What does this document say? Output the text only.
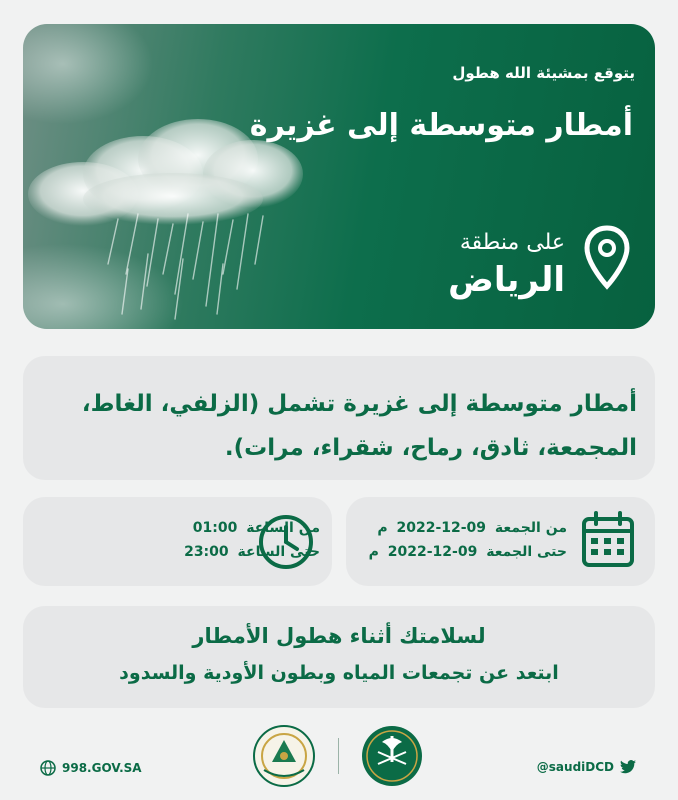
يتوقع بمشيئة الله هطول
أمطار متوسطة إلى غزيرة
على منطقة
الرياض
أمطار متوسطة إلى غزيرة تشمل (الزلفي، الغاط، المجمعة، ثادق، رماح، شقراء، مرات).
من الجمعة 2022-12-09 م
حتى الجمعة 2022-12-09 م
من الساعة 01:00
حتى الساعة 23:00
لسلامتك أثناء هطول الأمطار
ابتعد عن تجمعات المياه وبطون الأودية والسدود
998.GOV.SA	@saudiDCD
